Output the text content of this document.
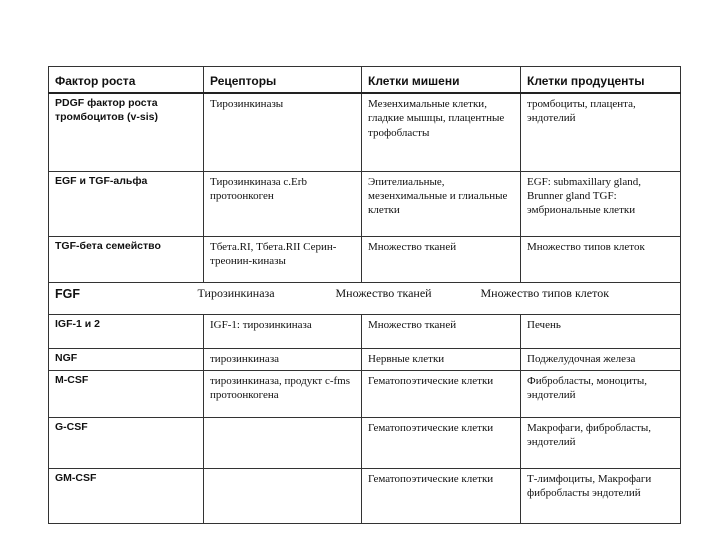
Фактор роста	Рецепторы	Клетки мишени	Клетки продуценты
PDGF фактор роста тромбоцитов (v-sis)	Тирозинкиназы	Мезенхимальные клетки, гладкие мышцы, плацентные трофобласты	тромбоциты, плацента, эндотелий
EGF и TGF-альфа	Тирозинкиназа c.Erb протоонкоген	Эпителиальные, мезенхимальные и глиальные клетки	EGF: submaxillary gland, Brunner gland TGF: эмбриональные клетки
TGF-бета семейство	Tбета.RI, Тбета.RII Серин-треонин-киназы	Множество тканей	Множество типов клеток
FGF	Тирозинкиназа	Множество тканей	Множество типов клеток
IGF-1 и 2	IGF-1: тирозинкиназа	Множество тканей	Печень
NGF	тирозинкиназа	Нервные клетки	Поджелудочная железа
M-CSF	тирозинкиназа, продукт c-fms протоонкогена	Гематопоэтические клетки	Фибробласты, моноциты, эндотелий
G-CSF		Гематопоэтические клетки	Макрофаги, фибробласты, эндотелий
GM-CSF		Гематопоэтические клетки	Т-лимфоциты, Макрофаги фибробласты эндотелий
